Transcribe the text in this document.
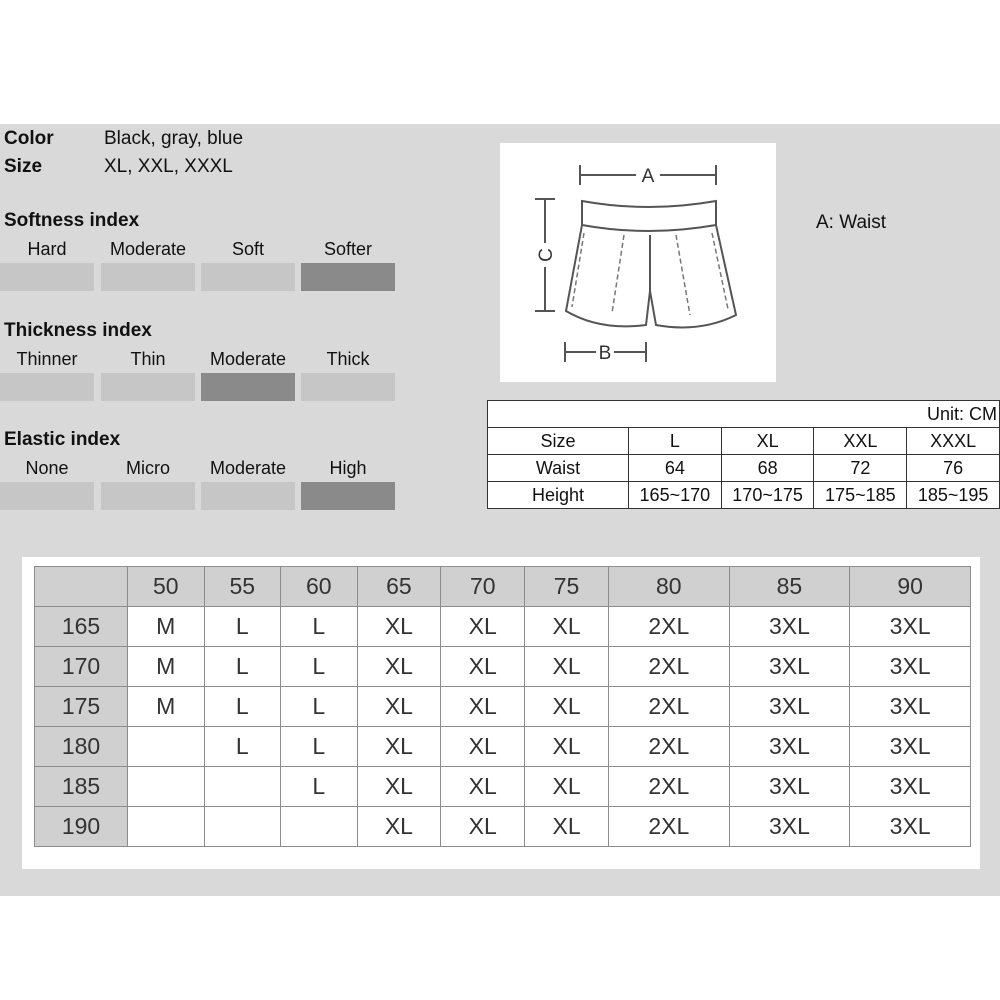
Color	Black, gray, blue
Size	XL, XXL, XXXL
Softness index
Hard	Moderate	Soft	Softer
Thickness index
Thinner	Thin	Moderate	Thick
Elastic index
None	Micro	Moderate	High
A
B
C
A: Waist
Unit: CM				
Size	L	XL	XXL	XXXL
Waist	64	68	72	76
Height	165~170	170~175	175~185	185~195
	50	55	60	65	70	75	80	85	90
165	M	L	L	XL	XL	XL	2XL	3XL	3XL
170	M	L	L	XL	XL	XL	2XL	3XL	3XL
175	M	L	L	XL	XL	XL	2XL	3XL	3XL
180		L	L	XL	XL	XL	2XL	3XL	3XL
185			L	XL	XL	XL	2XL	3XL	3XL
190				XL	XL	XL	2XL	3XL	3XL
